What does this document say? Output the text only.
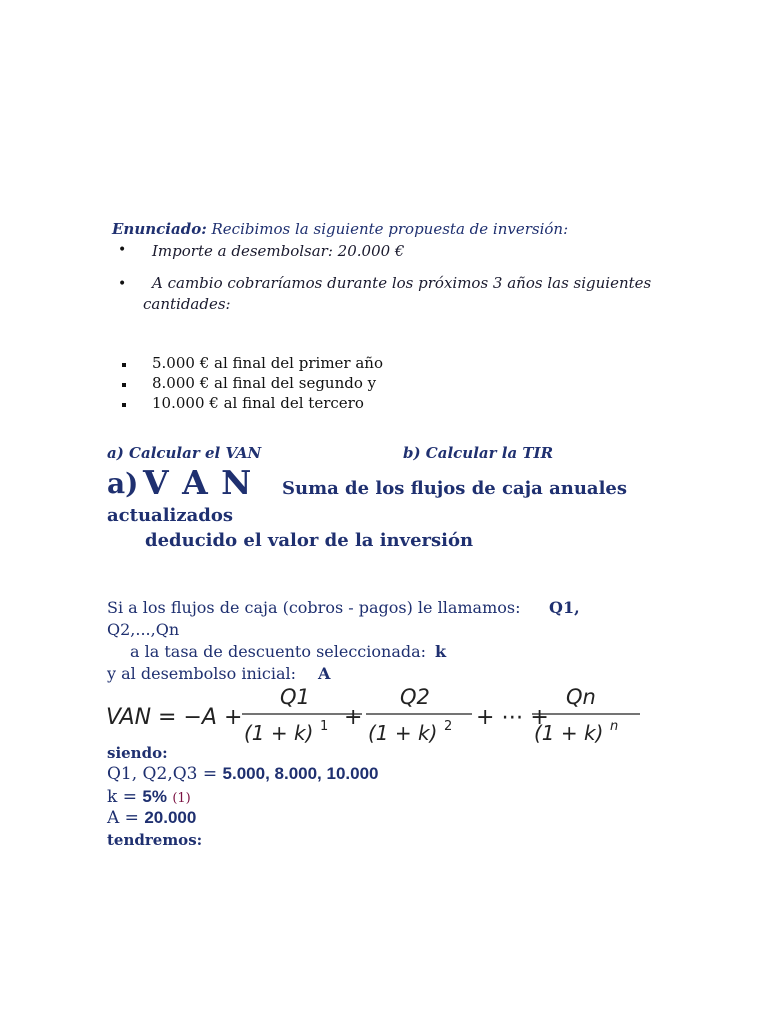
Enunciado: Recibimos la siguiente propuesta de inversión:
• Importe a desembolsar: 20.000 €
• A cambio cobraríamos durante los próximos 3 años las siguientes
cantidades:
5.000 € al final del primer año
8.000 € al final del segundo y
10.000 € al final del tercero
a) Calcular el VAN	b) Calcular la TIR
a) V A N Suma de los flujos de caja anuales
actualizados
deducido el valor de la inversión
Si a los flujos de caja (cobros - pagos) le llamamos: Q1,
Q2,...,Qn
a la tasa de descuento seleccionada: k
y al desembolso inicial: A
VAN = −A +
Q1
(1 + k) 1 +
Q2
(1 + k) 2 + ⋯ +
Qn
(1 + k) n
siendo:
Q1, Q2,Q3 = 5.000, 8.000, 10.000
k = 5% (1)
A = 20.000
tendremos:
